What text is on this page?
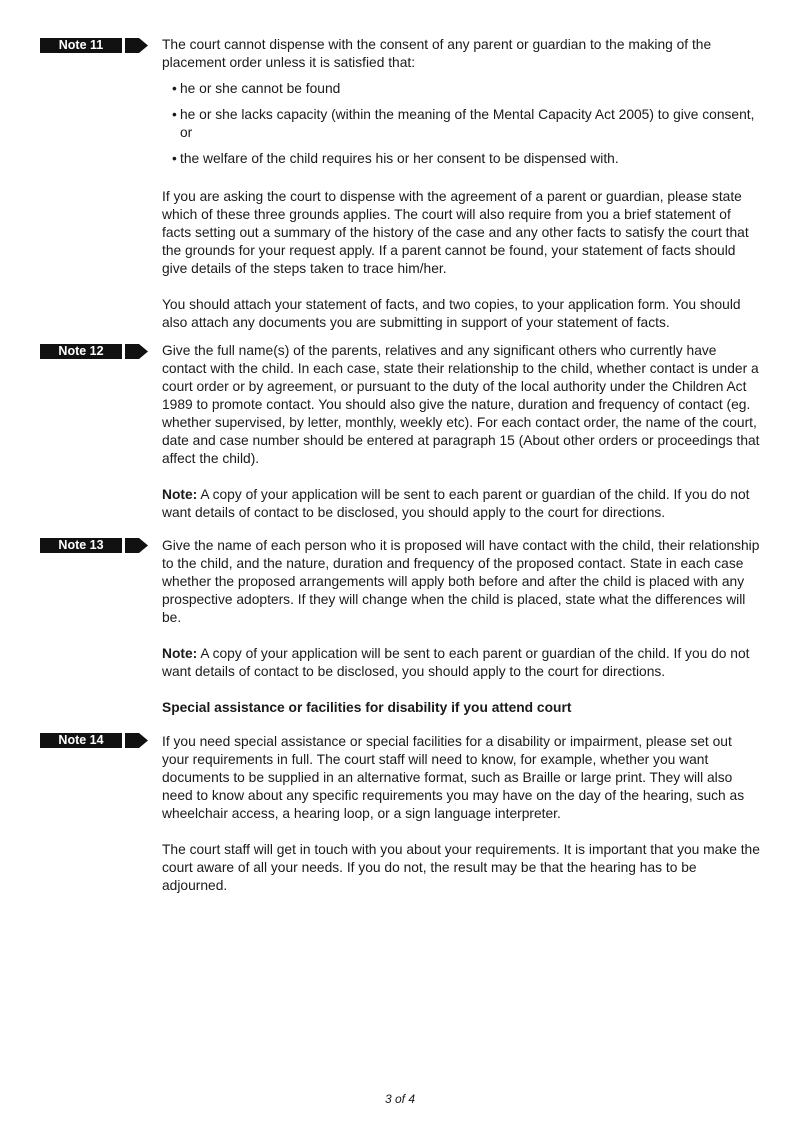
Note 11	The court cannot dispense with the consent of any parent or guardian to the making of the placement order unless it is satisfied that:

• he or she cannot be found
• he or she lacks capacity (within the meaning of the Mental Capacity Act 2005) to give consent, or
• the welfare of the child requires his or her consent to be dispensed with.

If you are asking the court to dispense with the agreement of a parent or guardian, please state which of these three grounds applies. The court will also require from you a brief statement of facts setting out a summary of the history of the case and any other facts to satisfy the court that the grounds for your request apply. If a parent cannot be found, your statement of facts should give details of the steps taken to trace him/her.

You should attach your statement of facts, and two copies, to your application form. You should also attach any documents you are submitting in support of your statement of facts.

Note 12	Give the full name(s) of the parents, relatives and any significant others who currently have contact with the child. In each case, state their relationship to the child, whether contact is under a court order or by agreement, or pursuant to the duty of the local authority under the Children Act 1989 to promote contact. You should also give the nature, duration and frequency of contact (eg. whether supervised, by letter, monthly, weekly etc). For each contact order, the name of the court, date and case number should be entered at paragraph 15 (About other orders or proceedings that affect the child).

Note: A copy of your application will be sent to each parent or guardian of the child. If you do not want details of contact to be disclosed, you should apply to the court for directions.

Note 13	Give the name of each person who it is proposed will have contact with the child, their relationship to the child, and the nature, duration and frequency of the proposed contact. State in each case whether the proposed arrangements will apply both before and after the child is placed with any prospective adopters. If they will change when the child is placed, state what the differences will be.

Note: A copy of your application will be sent to each parent or guardian of the child. If you do not want details of contact to be disclosed, you should apply to the court for directions.

Special assistance or facilities for disability if you attend court

Note 14	If you need special assistance or special facilities for a disability or impairment, please set out your requirements in full. The court staff will need to know, for example, whether you want documents to be supplied in an alternative format, such as Braille or large print. They will also need to know about any specific requirements you may have on the day of the hearing, such as wheelchair access, a hearing loop, or a sign language interpreter.

The court staff will get in touch with you about your requirements. It is important that you make the court aware of all your needs. If you do not, the result may be that the hearing has to be adjourned.

3 of 4
